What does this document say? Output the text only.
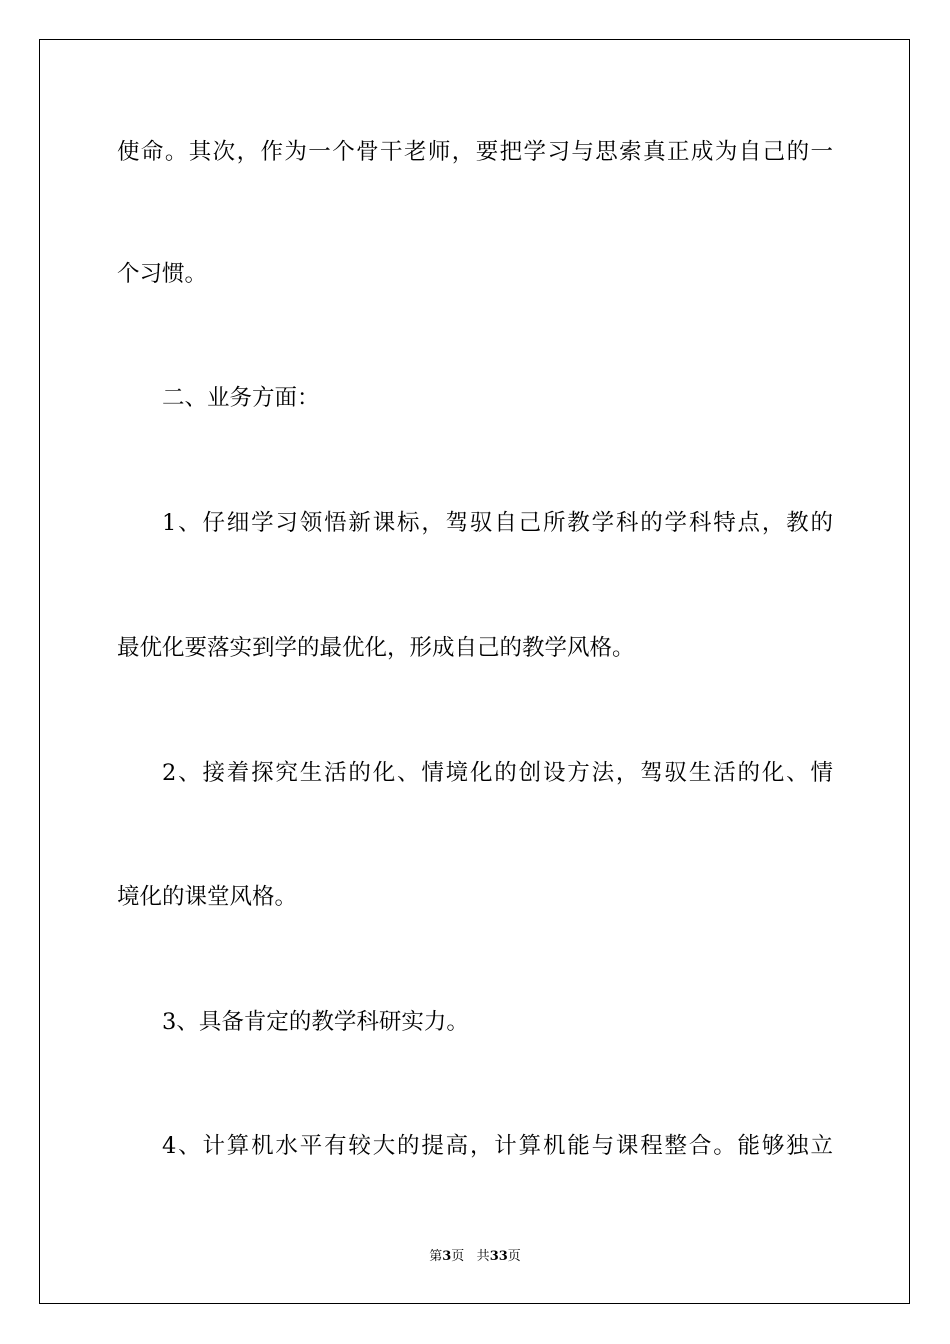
使命。其次，作为一个骨干老师，要把学习与思索真正成为自己的一
个习惯。
二、业务方面：
1、仔细学习领悟新课标，驾驭自己所教学科的学科特点，教的
最优化要落实到学的最优化，形成自己的教学风格。
2、接着探究生活的化、情境化的创设方法，驾驭生活的化、情
境化的课堂风格。
3、具备肯定的教学科研实力。
4、计算机水平有较大的提高，计算机能与课程整合。能够独立
第3页 共33页
